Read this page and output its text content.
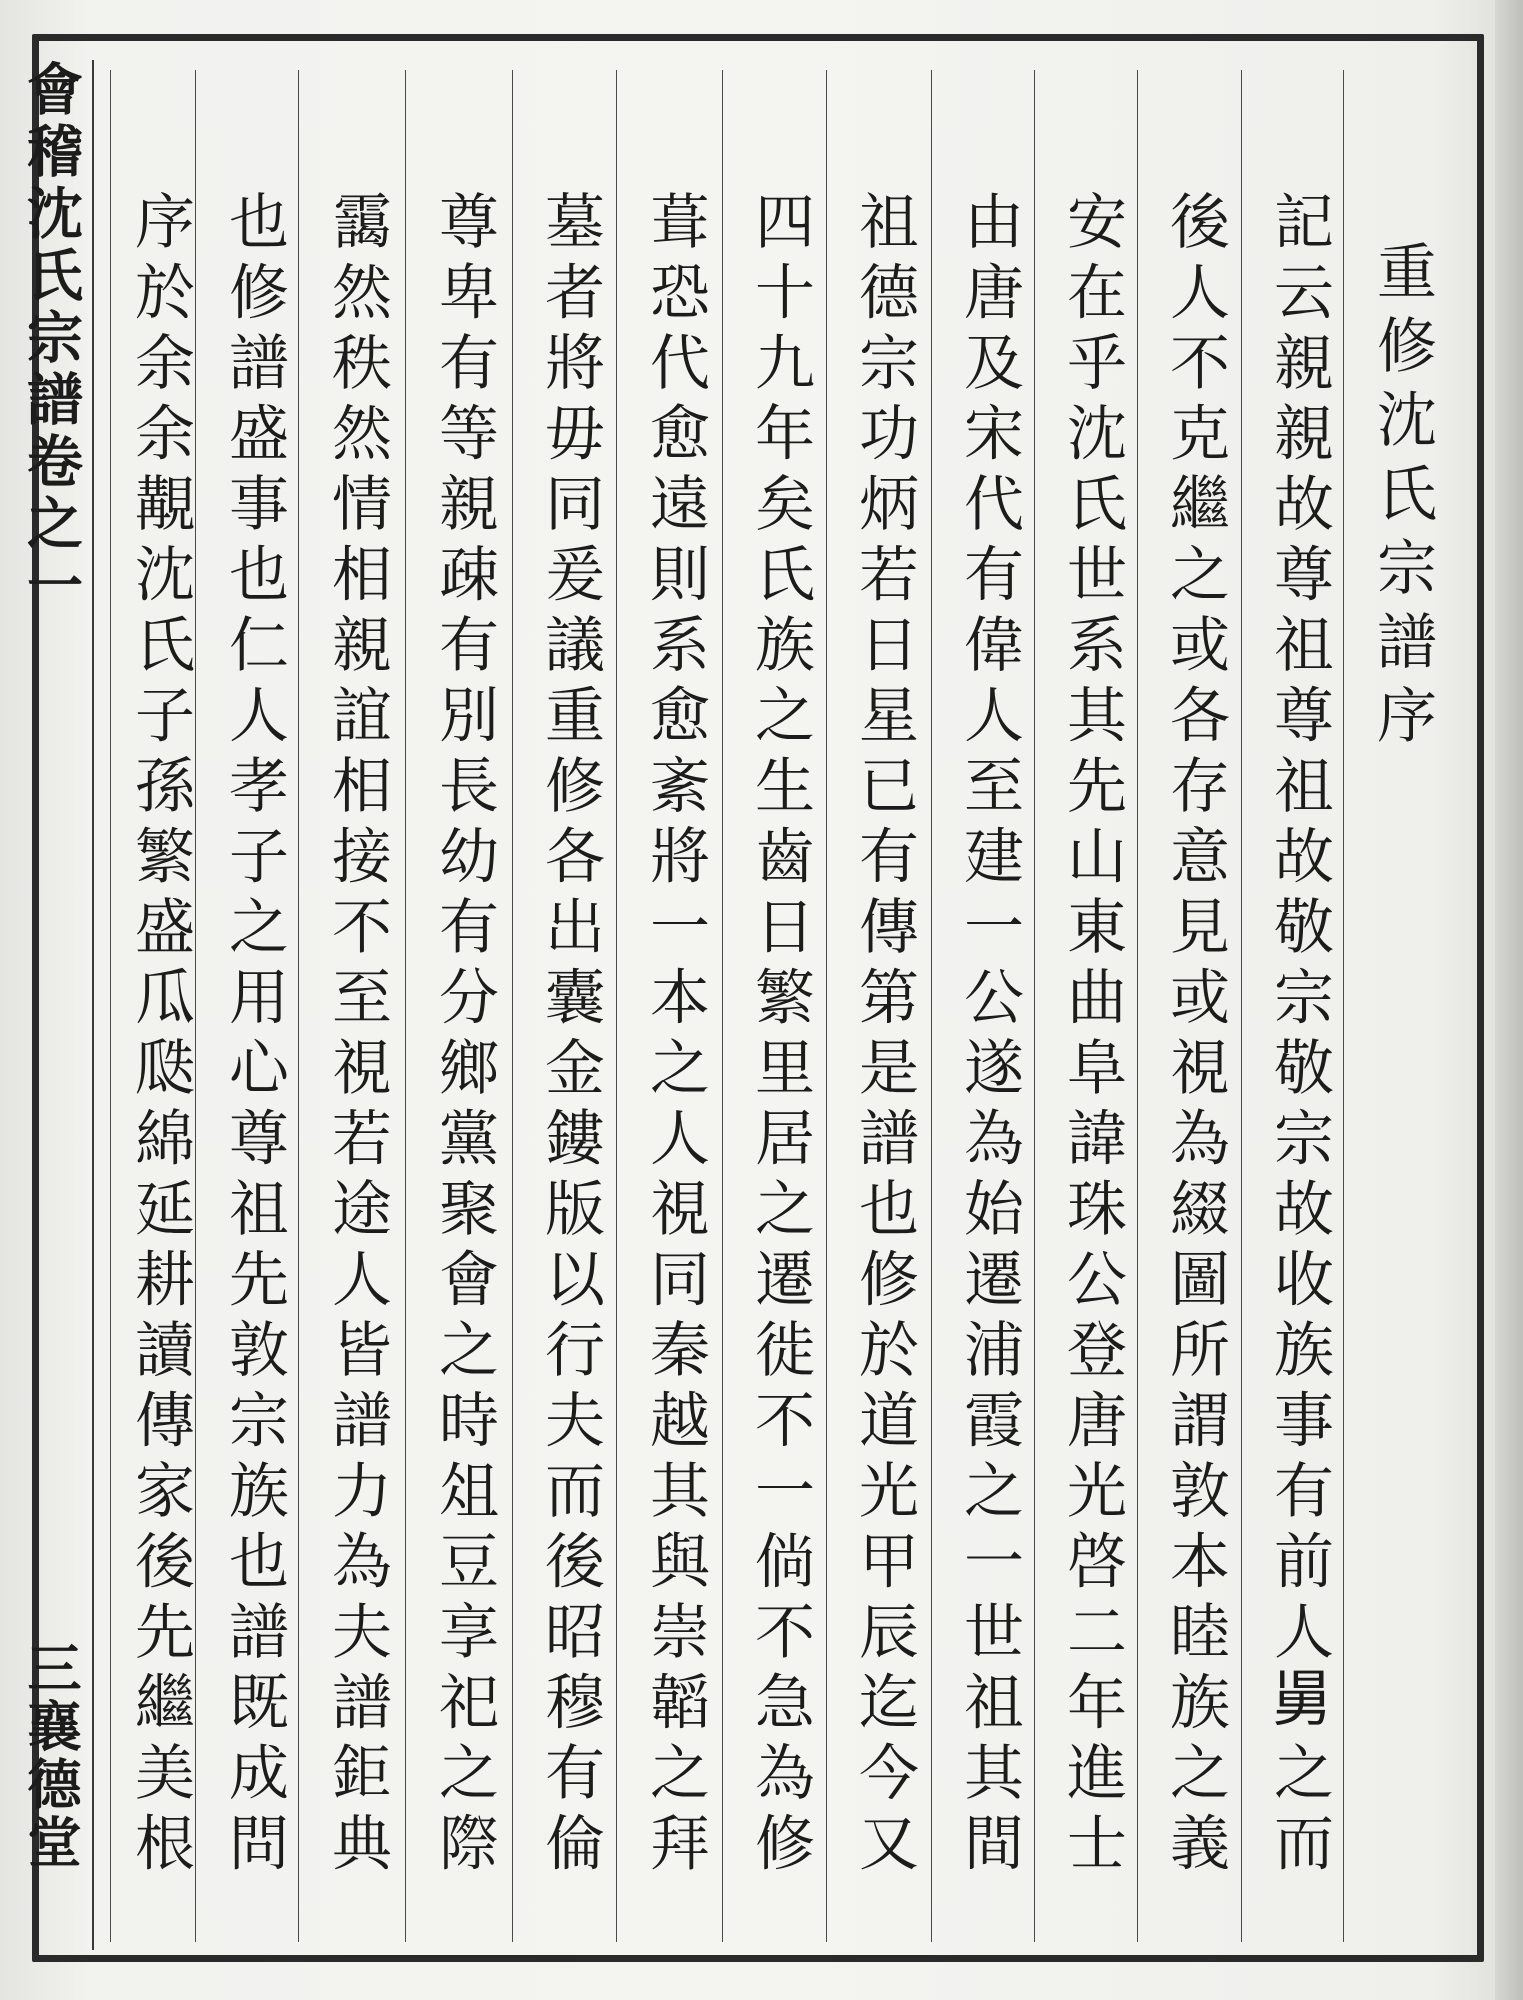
會稽沈氏宗譜卷之一
三襄德堂
重修沈氏宗譜序
記云親親故尊祖尊祖故敬宗敬宗故收族事有前人𠢎之而
後人不克繼之或各存意見或視為綴圖所謂敦本睦族之義
安在乎沈氏世系其先山東曲阜諱珠公登唐光啓二年進士
由唐及宋代有偉人至建一公遂為始遷浦霞之一世祖其間
祖德宗功炳若日星已有傳第是譜也修於道光甲辰迄今又
四十九年矣氏族之生齒日繁里居之遷徙不一倘不急為修
葺恐代愈遠則系愈紊將一本之人視同秦越其與崇韜之拜
墓者將毋同爰議重修各出囊金鏤版以行夫而後昭穆有倫
尊卑有等親疎有別長幼有分鄉黨聚會之時俎豆享祀之際
靄然秩然情相親誼相接不至視若途人皆譜力為夫譜鉅典
也修譜盛事也仁人孝子之用心尊祖先敦宗族也譜既成問
序於余余覯沈氏子孫繁盛瓜瓞綿延耕讀傳家後先繼美根
